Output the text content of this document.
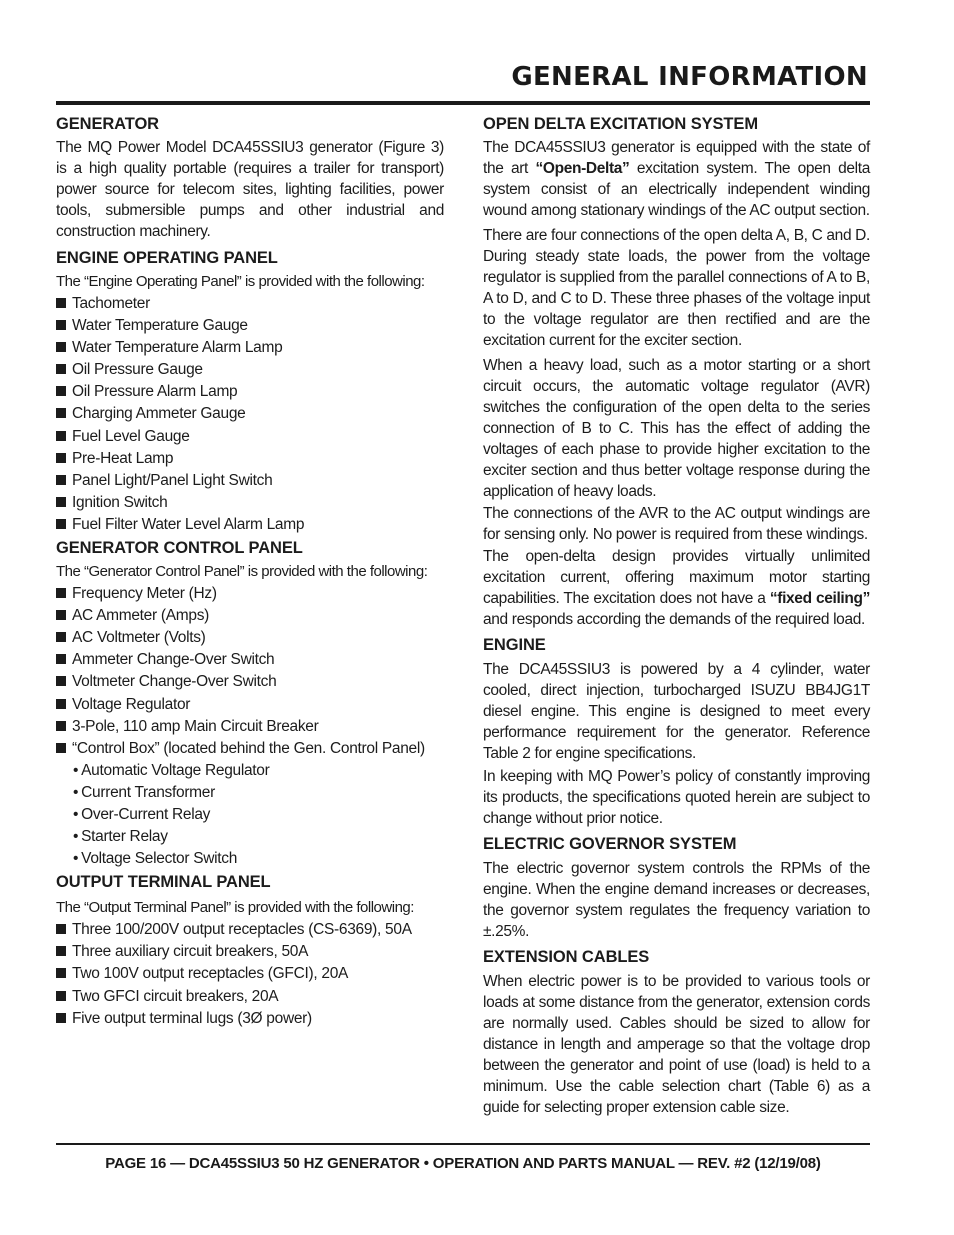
GENERAL INFORMATION
GENERATOR

The MQ Power Model DCA45SSIU3 generator (Figure 3) is a high quality portable (requires a trailer for transport) power source for telecom sites, lighting facilities, power tools, submersible pumps and other industrial and construction machinery.

ENGINE OPERATING PANEL

The “Engine Operating Panel” is provided with the following:

Tachometer
Water Temperature Gauge
Water Temperature Alarm Lamp
Oil Pressure Gauge
Oil Pressure Alarm Lamp
Charging Ammeter Gauge
Fuel Level Gauge
Pre-Heat Lamp
Panel Light/Panel Light Switch
Ignition Switch
Fuel Filter Water Level Alarm Lamp
GENERATOR CONTROL PANEL

The “Generator Control Panel” is provided with the following:

Frequency Meter (Hz)
AC Ammeter (Amps)
AC Voltmeter (Volts)
Ammeter Change-Over Switch
Voltmeter Change-Over Switch
Voltage Regulator
3-Pole, 110 amp Main Circuit Breaker
“Control Box” (located behind the Gen. Control Panel)
• Automatic Voltage Regulator
• Current Transformer
• Over-Current Relay
• Starter Relay
• Voltage Selector Switch
OUTPUT TERMINAL PANEL

The “Output Terminal Panel” is provided with the following:

Three 100/200V output receptacles (CS-6369), 50A
Three auxiliary circuit breakers, 50A
Two 100V output receptacles (GFCI), 20A
Two GFCI circuit breakers, 20A
Five output terminal lugs (3Ø power)
OPEN DELTA EXCITATION SYSTEM

The DCA45SSIU3 generator is equipped with the state of the art “Open-Delta” excitation system. The open delta system consist of an electrically independent winding wound among stationary windings of the AC output section.

There are four connections of the open delta A, B, C and D. During steady state loads, the power from the voltage regulator is supplied from the parallel connections of A to B, A to D, and C to D. These three phases of the voltage input to the voltage regulator are then rectified and are the excitation current for the exciter section.

When a heavy load, such as a motor starting or a short circuit occurs, the automatic voltage regulator (AVR) switches the configuration of the open delta to the series connection of B to C. This has the effect of adding the voltages of each phase to provide higher excitation to the exciter section and thus better voltage response during the application of heavy loads.

The connections of the AVR to the AC output windings are for sensing only. No power is required from these windings.

The open-delta design provides virtually unlimited excitation current, offering maximum motor starting capabilities. The excitation does not have a “fixed ceiling” and responds according the demands of the required load.

ENGINE

The DCA45SSIU3 is powered by a 4 cylinder, water cooled, direct injection, turbocharged ISUZU BB4JG1T diesel engine. This engine is designed to meet every performance requirement for the generator. Reference Table 2 for engine specifications.

In keeping with MQ Power’s policy of constantly improving its products, the specifications quoted herein are subject to change without prior notice.

ELECTRIC GOVERNOR SYSTEM

The electric governor system controls the RPMs of the engine. When the engine demand increases or decreases, the governor system regulates the frequency variation to ±.25%.

EXTENSION CABLES

When electric power is to be provided to various tools or loads at some distance from the generator, extension cords are normally used. Cables should be sized to allow for distance in length and amperage so that the voltage drop between the generator and point of use (load) is held to a minimum. Use the cable selection chart (Table 6) as a guide for selecting proper extension cable size.

PAGE 16 — DCA45SSIU3 50 HZ GENERATOR • OPERATION AND PARTS MANUAL — REV. #2 (12/19/08)
